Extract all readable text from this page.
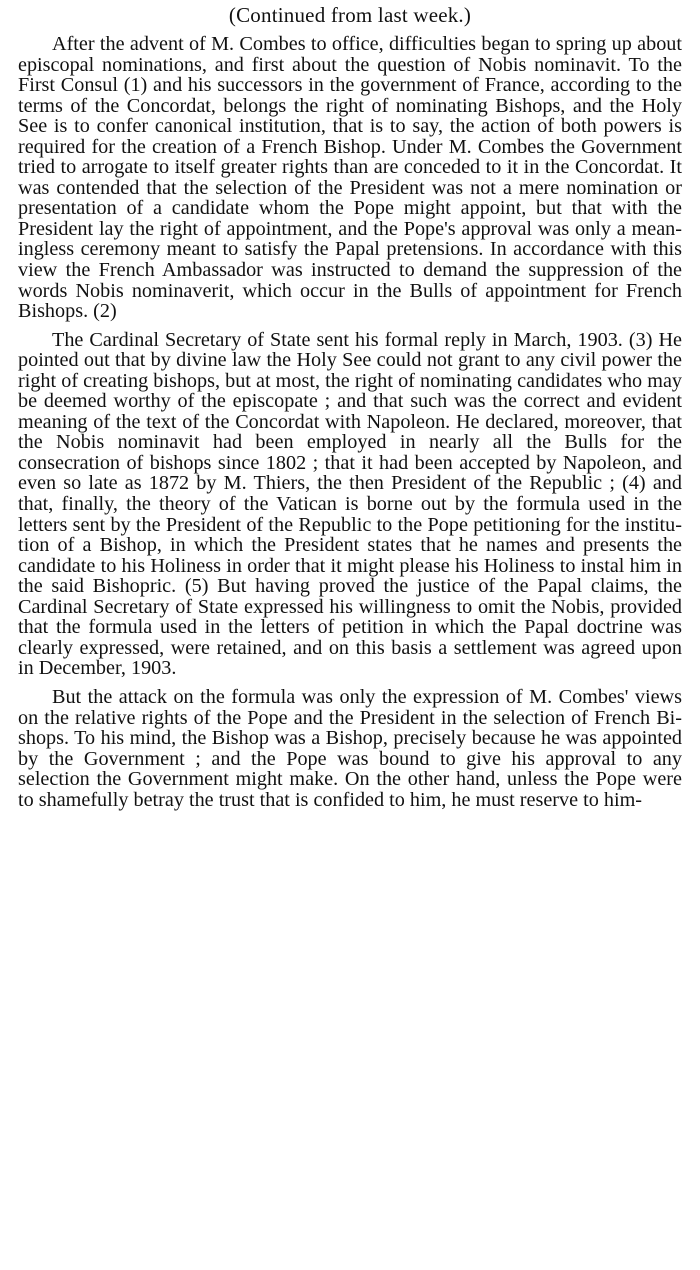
(Continued from last week.)

After the advent of M. Combes to office, difficulties began to spring up about episcopal nominations, and first about the question of Nobis nominavit. To the First Consul (1) and his successors in the government of France, according to the terms of the Concordat, belongs the right of nominating Bishops, and the Holy See is to confer canonical institution, that is to say, the action of both powers is required for the creation of a French Bishop. Under M. Combes the Government tried to arrogate to itself greater rights than are conceded to it in the Concordat. It was contended that the selection of the President was not a mere nomination or presentation of a candidate whom the Pope might appoint, but that with the President lay the right of appointment, and the Pope's approval was only a meaningless ceremony meant to satisfy the Papal pretensions. In accordance with this view the French Ambassador was instructed to demand the suppression of the words Nobis nominaverit, which occur in the Bulls of appointment for French Bishops. (2)

The Cardinal Secretary of State sent his formal reply in March, 1903. (3) He pointed out that by divine law the Holy See could not grant to any civil power the right of creating bishops, but at most, the right of nominating candidates who may be deemed worthy of the episcopate ; and that such was the correct and evident meaning of the text of the Concordat with Napoleon. He declared, moreover, that the Nobis nominavit had been employed in nearly all the Bulls for the consecration of bishops since 1802 ; that it had been accepted by Napoleon, and even so late as 1872 by M. Thiers, the then President of the Republic ; (4) and that, finally, the theory of the Vatican is borne out by the formula used in the letters sent by the President of the Republic to the Pope petitioning for the institution of a Bishop, in which the President states that he names and presents the candidate to his Holiness in order that it might please his Holiness to instal him in the said Bishopric. (5) But having proved the justice of the Papal claims, the Cardinal Secretary of State expressed his willingness to omit the Nobis, provided that the formula used in the letters of petition in which the Papal doctrine was clearly expressed, were retained, and on this basis a settlement was agreed upon in December, 1903.

But the attack on the formula was only the expression of M. Combes' views on the relative rights of the Pope and the President in the selection of French Bishops. To his mind, the Bishop was a Bishop, precisely because he was appointed by the Government ; and the Pope was bound to give his approval to any selection the Government might make. On the other hand, unless the Pope were to shamefully betray the trust that is confided to him, he must reserve to him-
